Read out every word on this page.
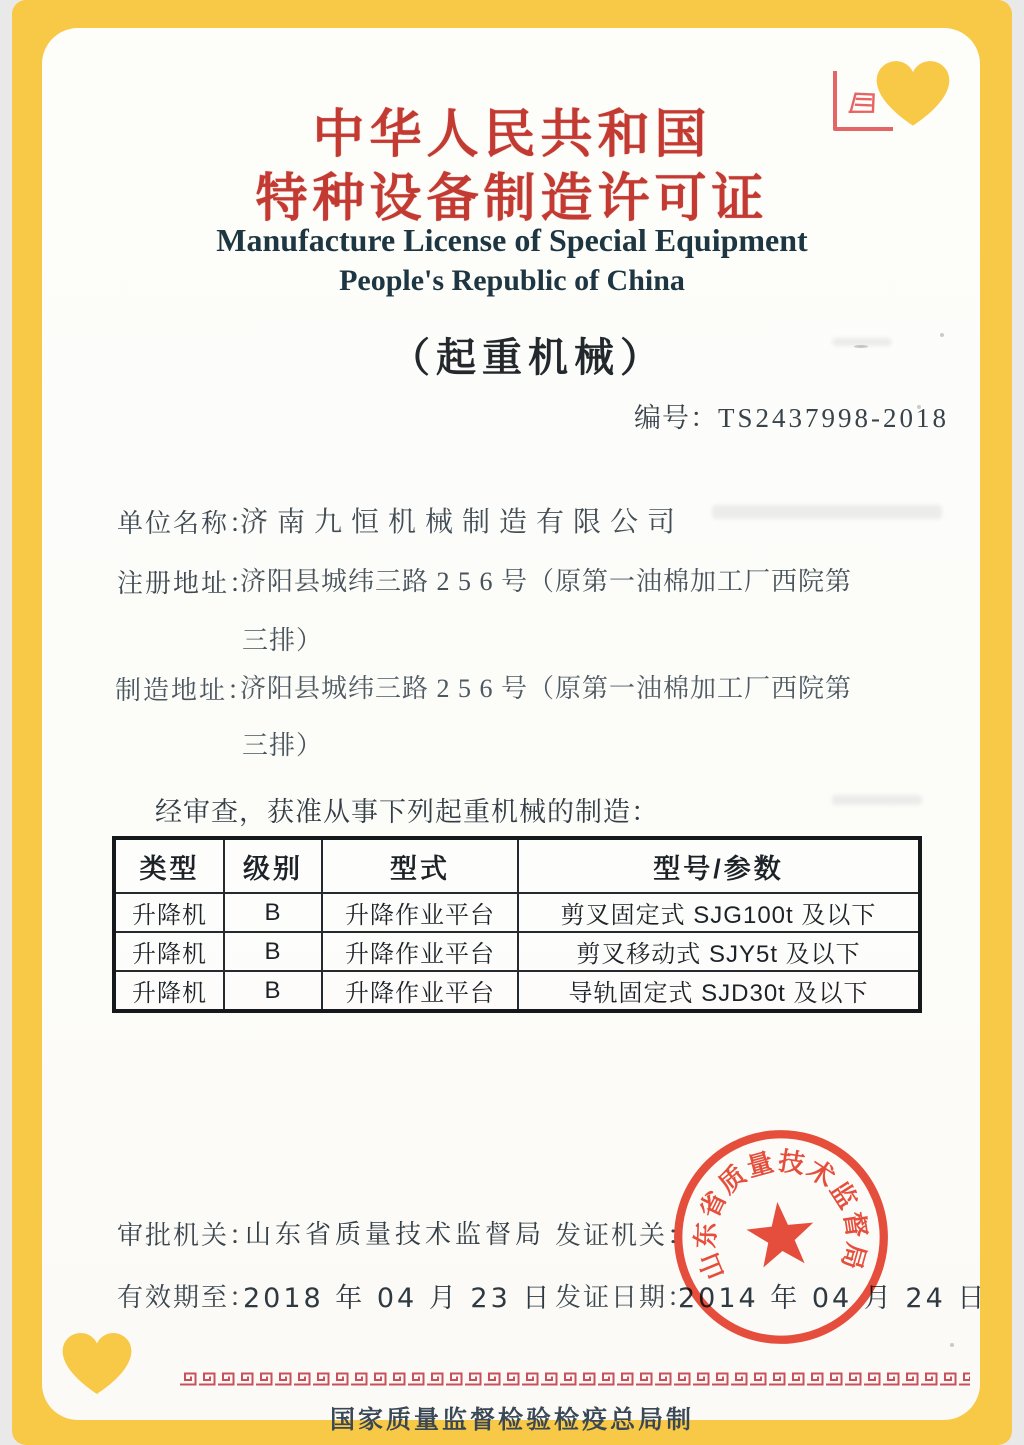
中华人民共和国
特种设备制造许可证
Manufacture License of Special Equipment
People's Republic of China
（起重机械）
编号：TS2437998-2018
单位名称：
济南九恒机械制造有限公司
注册地址：
济阳县城纬三路 2 5 6 号（原第一油棉加工厂西院第
三排）
制造地址：
济阳县城纬三路 2 5 6 号（原第一油棉加工厂西院第
三排）
经审查，获准从事下列起重机械的制造：
类型	级别	型式	型号/参数
升降机	B	升降作业平台	剪叉固定式 SJG100t 及以下
升降机	B	升降作业平台	剪叉移动式 SJY5t 及以下
升降机	B	升降作业平台	导轨固定式 SJD30t 及以下
审批机关：
山东省质量技术监督局 发证机关：
有效期至：
2018 年 04 月 23 日 发证日期：
2014 年 04 月 24 日
山东省质量技术监督局
国家质量监督检验检疫总局制
